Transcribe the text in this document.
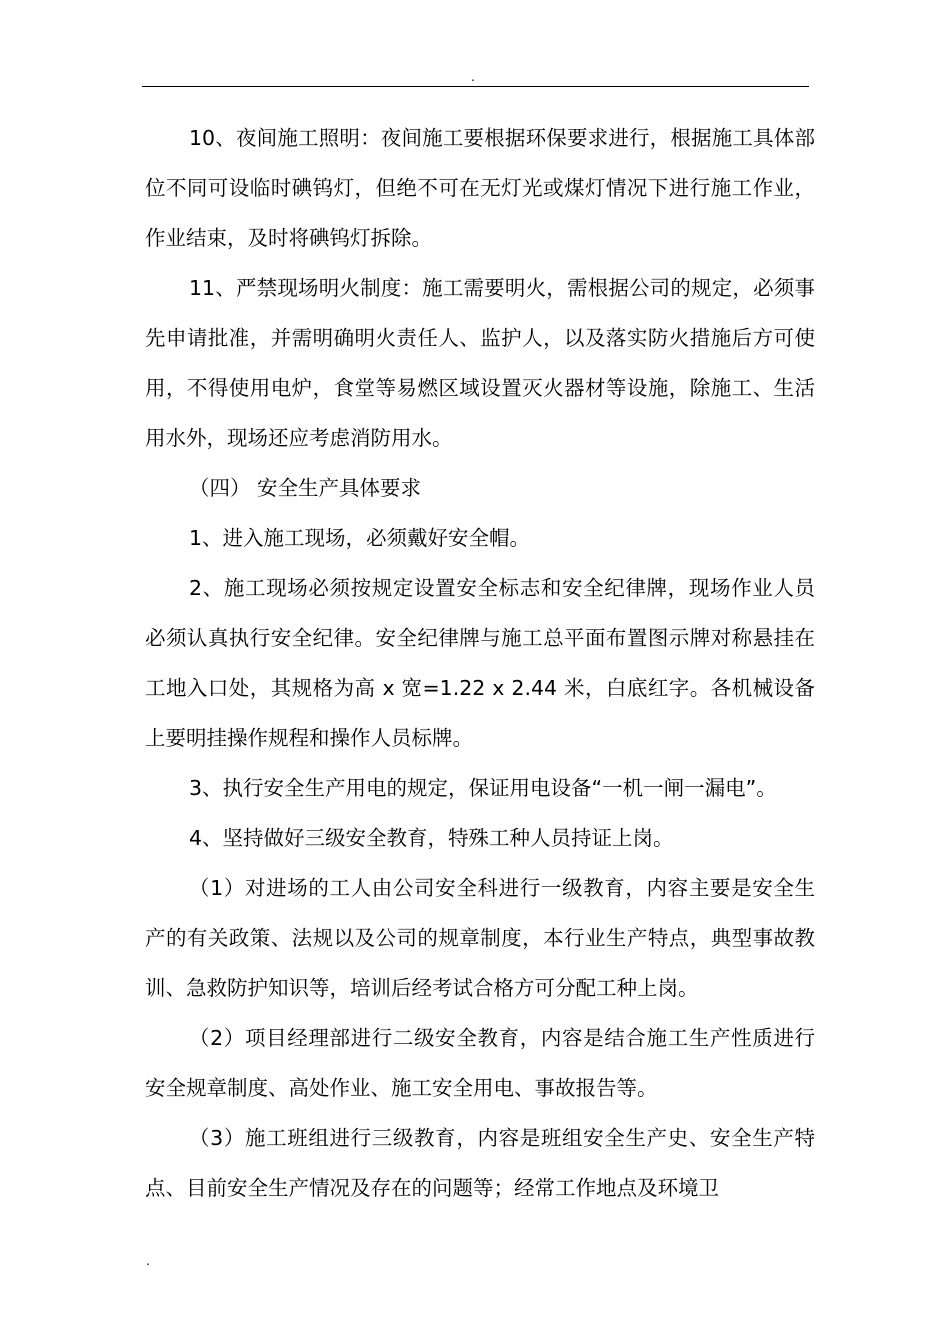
.

10、夜间施工照明：夜间施工要根据环保要求进行，根据施工具体部位不同可设临时碘钨灯，但绝不可在无灯光或煤灯情况下进行施工作业，作业结束，及时将碘钨灯拆除。

11、严禁现场明火制度：施工需要明火，需根据公司的规定，必须事先申请批准，并需明确明火责任人、监护人，以及落实防火措施后方可使用，不得使用电炉，食堂等易燃区域设置灭火器材等设施，除施工、生活用水外，现场还应考虑消防用水。

（四） 安全生产具体要求

1、进入施工现场，必须戴好安全帽。

2、施工现场必须按规定设置安全标志和安全纪律牌，现场作业人员必须认真执行安全纪律。安全纪律牌与施工总平面布置图示牌对称悬挂在工地入口处，其规格为高 x 宽=1.22 x 2.44 米，白底红字。各机械设备上要明挂操作规程和操作人员标牌。

3、执行安全生产用电的规定，保证用电设备“一机一闸一漏电”。

4、坚持做好三级安全教育，特殊工种人员持证上岗。

（1）对进场的工人由公司安全科进行一级教育，内容主要是安全生产的有关政策、法规以及公司的规章制度，本行业生产特点，典型事故教训、急救防护知识等，培训后经考试合格方可分配工种上岗。

（2）项目经理部进行二级安全教育，内容是结合施工生产性质进行安全规章制度、高处作业、施工安全用电、事故报告等。

（3）施工班组进行三级教育，内容是班组安全生产史、安全生产特点、目前安全生产情况及存在的问题等；经常工作地点及环境卫

.
